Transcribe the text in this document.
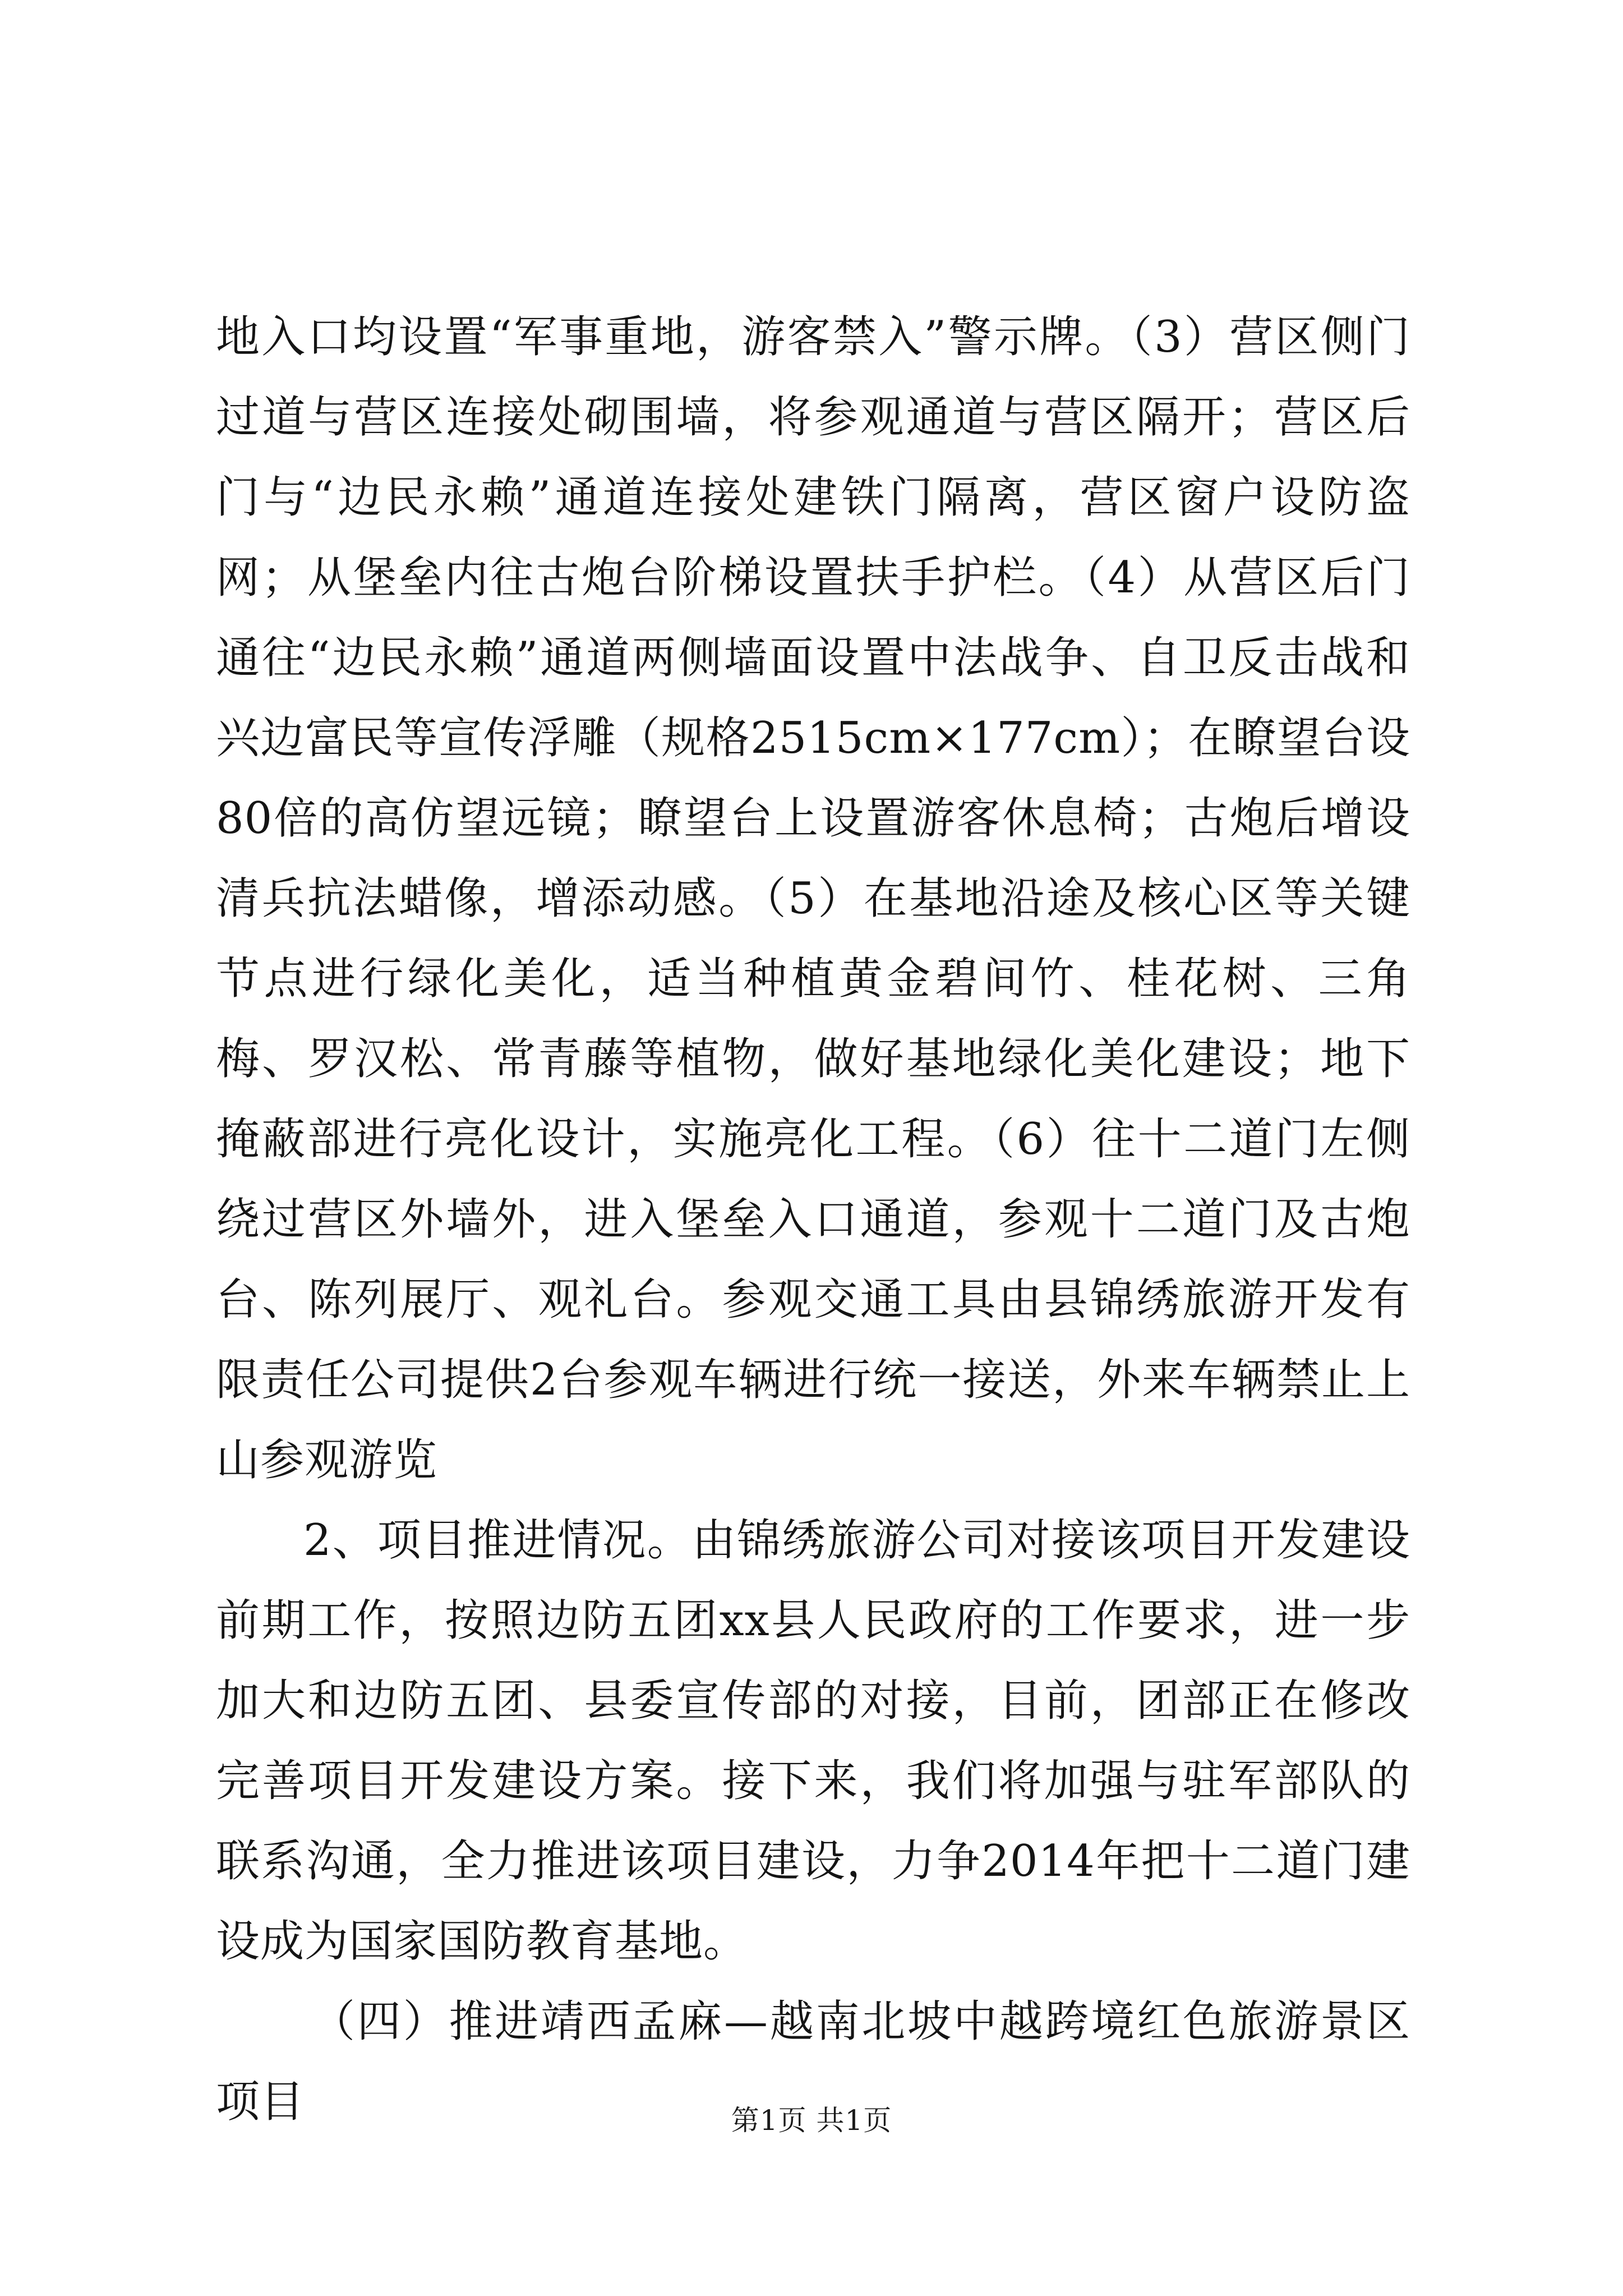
地入口均设置“军事重地，游客禁入”警示牌。（3）营区侧门过道与营区连接处砌围墙，将参观通道与营区隔开；营区后门与“边民永赖”通道连接处建铁门隔离，营区窗户设防盗网；从堡垒内往古炮台阶梯设置扶手护栏。（4）从营区后门通往“边民永赖”通道两侧墙面设置中法战争、自卫反击战和兴边富民等宣传浮雕（规格2515cm×177cm）；在瞭望台设80倍的高仿望远镜；瞭望台上设置游客休息椅；古炮后增设清兵抗法蜡像，增添动感。（5）在基地沿途及核心区等关键节点进行绿化美化，适当种植黄金碧间竹、桂花树、三角梅、罗汉松、常青藤等植物，做好基地绿化美化建设；地下掩蔽部进行亮化设计，实施亮化工程。（6）往十二道门左侧绕过营区外墙外，进入堡垒入口通道，参观十二道门及古炮台、陈列展厅、观礼台。参观交通工具由县锦绣旅游开发有限责任公司提供2台参观车辆进行统一接送，外来车辆禁止上山参观游览

2、项目推进情况。由锦绣旅游公司对接该项目开发建设前期工作，按照边防五团xx县人民政府的工作要求，进一步加大和边防五团、县委宣传部的对接，目前，团部正在修改完善项目开发建设方案。接下来，我们将加强与驻军部队的联系沟通，全力推进该项目建设，力争2014年把十二道门建设成为国家国防教育基地。

（四）推进靖西孟麻—越南北坡中越跨境红色旅游景区项目	第1页 共1页
